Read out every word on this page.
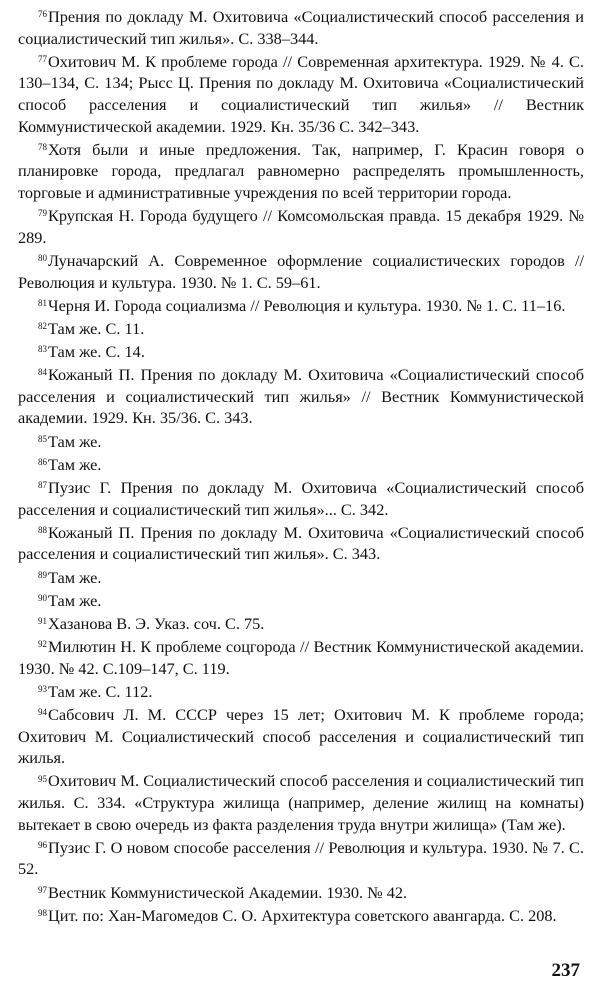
$^{76}$Прения по докладу М. Охитовича «Социалистический способ расселения и социалистический тип жилья». С. 338–344.

$^{77}$Охитович М. К проблеме города // Современная архитектура. 1929. № 4. С. 130–134, С. 134; Рысс Ц. Прения по докладу М. Охитовича «Социалистический способ расселения и социалистический тип жилья» // Вестник Коммунистической академии. 1929. Кн. 35/36 С. 342–343.

$^{78}$Хотя были и иные предложения. Так, например, Г. Красин говоря о планировке города, предлагал равномерно распределять промышленность, торговые и административные учреждения по всей территории города.

$^{79}$Крупская Н. Города будущего // Комсомольская правда. 15 декабря 1929. № 289.

$^{80}$Луначарский А. Современное оформление социалистических городов // Революция и культура. 1930. № 1. С. 59–61.

$^{81}$Черня И. Города социализма // Революция и культура. 1930. № 1. С. 11–16.

$^{82}$Там же. С. 11.

$^{83}$Там же. С. 14.

$^{84}$Кожаный П. Прения по докладу М. Охитовича «Социалистический способ расселения и социалистический тип жилья» // Вестник Коммунистической академии. 1929. Кн. 35/36. С. 343.

$^{85}$Там же.

$^{86}$Там же.

$^{87}$Пузис Г. Прения по докладу М. Охитовича «Социалистический способ расселения и социалистический тип жилья»... С. 342.

$^{88}$Кожаный П. Прения по докладу М. Охитовича «Социалистический способ расселения и социалистический тип жилья». С. 343.

$^{89}$Там же.

$^{90}$Там же.

$^{91}$Хазанова В. Э. Указ. соч. С. 75.

$^{92}$Милютин Н. К проблеме соцгорода // Вестник Коммунистической академии. 1930. № 42. С.109–147, С. 119.

$^{93}$Там же. С. 112.

$^{94}$Сабсович Л. М. СССР через 15 лет; Охитович М. К проблеме города; Охитович М. Социалистический способ расселения и социалистический тип жилья.

$^{95}$Охитович М. Социалистический способ расселения и социалистический тип жилья. С. 334. «Структура жилища (например, деление жилищ на комнаты) вытекает в свою очередь из факта разделения труда внутри жилища» (Там же).

$^{96}$Пузис Г. О новом способе расселения // Революция и культура. 1930. № 7. С. 52.

$^{97}$Вестник Коммунистической Академии. 1930. № 42.

$^{98}$Цит. по: Хан-Магомедов С. О. Архитектура советского авангарда. С. 208.

237
